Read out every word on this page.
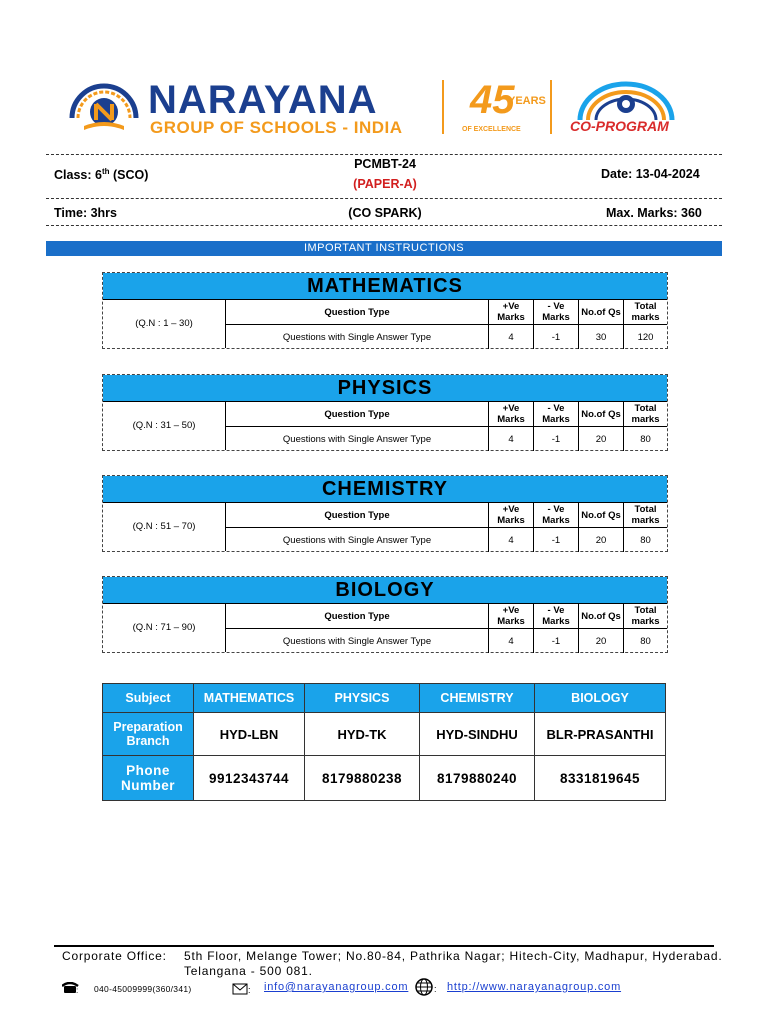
NARAYANA
GROUP OF SCHOOLS - INDIA
45
YEARS
OF EXCELLENCE	CO-PROGRAM
Class: 6th (SCO)
PCMBT-24
(PAPER-A)
Date: 13-04-2024
Time: 3hrs	(CO SPARK)	Max. Marks: 360
IMPORTANT INSTRUCTIONS
MATHEMATICS
(Q.N : 1 – 30)
Question Type	+Ve Marks	- Ve Marks	No.of Qs	Total marks
Questions with Single Answer Type	4	-1	30	120
PHYSICS
(Q.N : 31 – 50)
Question Type	+Ve Marks	- Ve Marks	No.of Qs	Total marks
Questions with Single Answer Type	4	-1	20	80
CHEMISTRY
(Q.N : 51 – 70)
Question Type	+Ve Marks	- Ve Marks	No.of Qs	Total marks
Questions with Single Answer Type	4	-1	20	80
BIOLOGY
(Q.N : 71 – 90)
Question Type	+Ve Marks	- Ve Marks	No.of Qs	Total marks
Questions with Single Answer Type	4	-1	20	80
Subject	MATHEMATICS	PHYSICS	CHEMISTRY	BIOLOGY
Preparation Branch	HYD-LBN	HYD-TK	HYD-SINDHU	BLR-PRASANTHI
Phone Number	9912343744	8179880238	8179880240	8331819645
Corporate Office: 5th Floor, Melange Tower; No.80-84, Pathrika Nagar; Hitech-City, Madhapur, Hyderabad.
Telangana - 500 081.
: 040-45009999(360/341)	: info@narayanagroup.com	: http://www.narayanagroup.com
